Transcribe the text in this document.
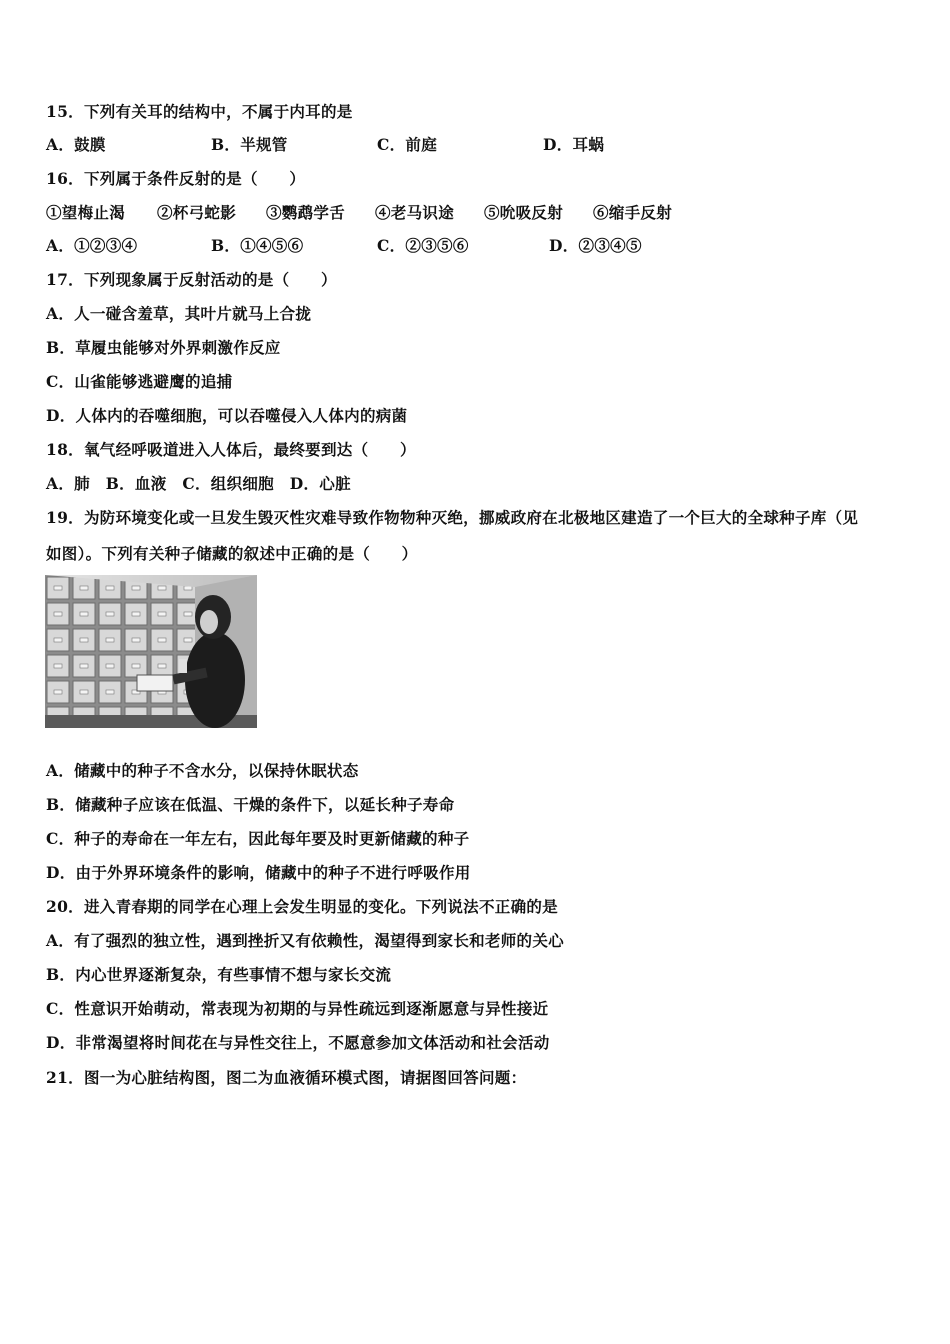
15．下列有关耳的结构中，不属于内耳的是
A．鼓膜	B．半规管	C．前庭	D．耳蜗
16．下列属于条件反射的是（　　）
①望梅止渴 ②杯弓蛇影 ③鹦鹉学舌 ④老马识途 ⑤吮吸反射 ⑥缩手反射
A．①②③④	B．①④⑤⑥	C．②③⑤⑥	D．②③④⑤
17．下列现象属于反射活动的是（　　）
A．人一碰含羞草，其叶片就马上合拢
B．草履虫能够对外界刺激作反应
C．山雀能够逃避鹰的追捕
D．人体内的吞噬细胞，可以吞噬侵入人体内的病菌
18．氧气经呼吸道进入人体后，最终要到达（　　）
A．肺　B．血液　C．组织细胞　D．心脏
19．为防环境变化或一旦发生毁灭性灾难导致作物物种灭绝，挪威政府在北极地区建造了一个巨大的全球种子库（见
如图）。下列有关种子储藏的叙述中正确的是（　　）
A．储藏中的种子不含水分，以保持休眠状态
B．储藏种子应该在低温、干燥的条件下，以延长种子寿命
C．种子的寿命在一年左右，因此每年要及时更新储藏的种子
D．由于外界环境条件的影响，储藏中的种子不进行呼吸作用
20．进入青春期的同学在心理上会发生明显的变化。下列说法不正确的是
A．有了强烈的独立性，遇到挫折又有依赖性，渴望得到家长和老师的关心
B．内心世界逐渐复杂，有些事情不想与家长交流
C．性意识开始萌动，常表现为初期的与异性疏远到逐渐愿意与异性接近
D．非常渴望将时间花在与异性交往上，不愿意参加文体活动和社会活动
21．图一为心脏结构图，图二为血液循环模式图，请据图回答问题：
